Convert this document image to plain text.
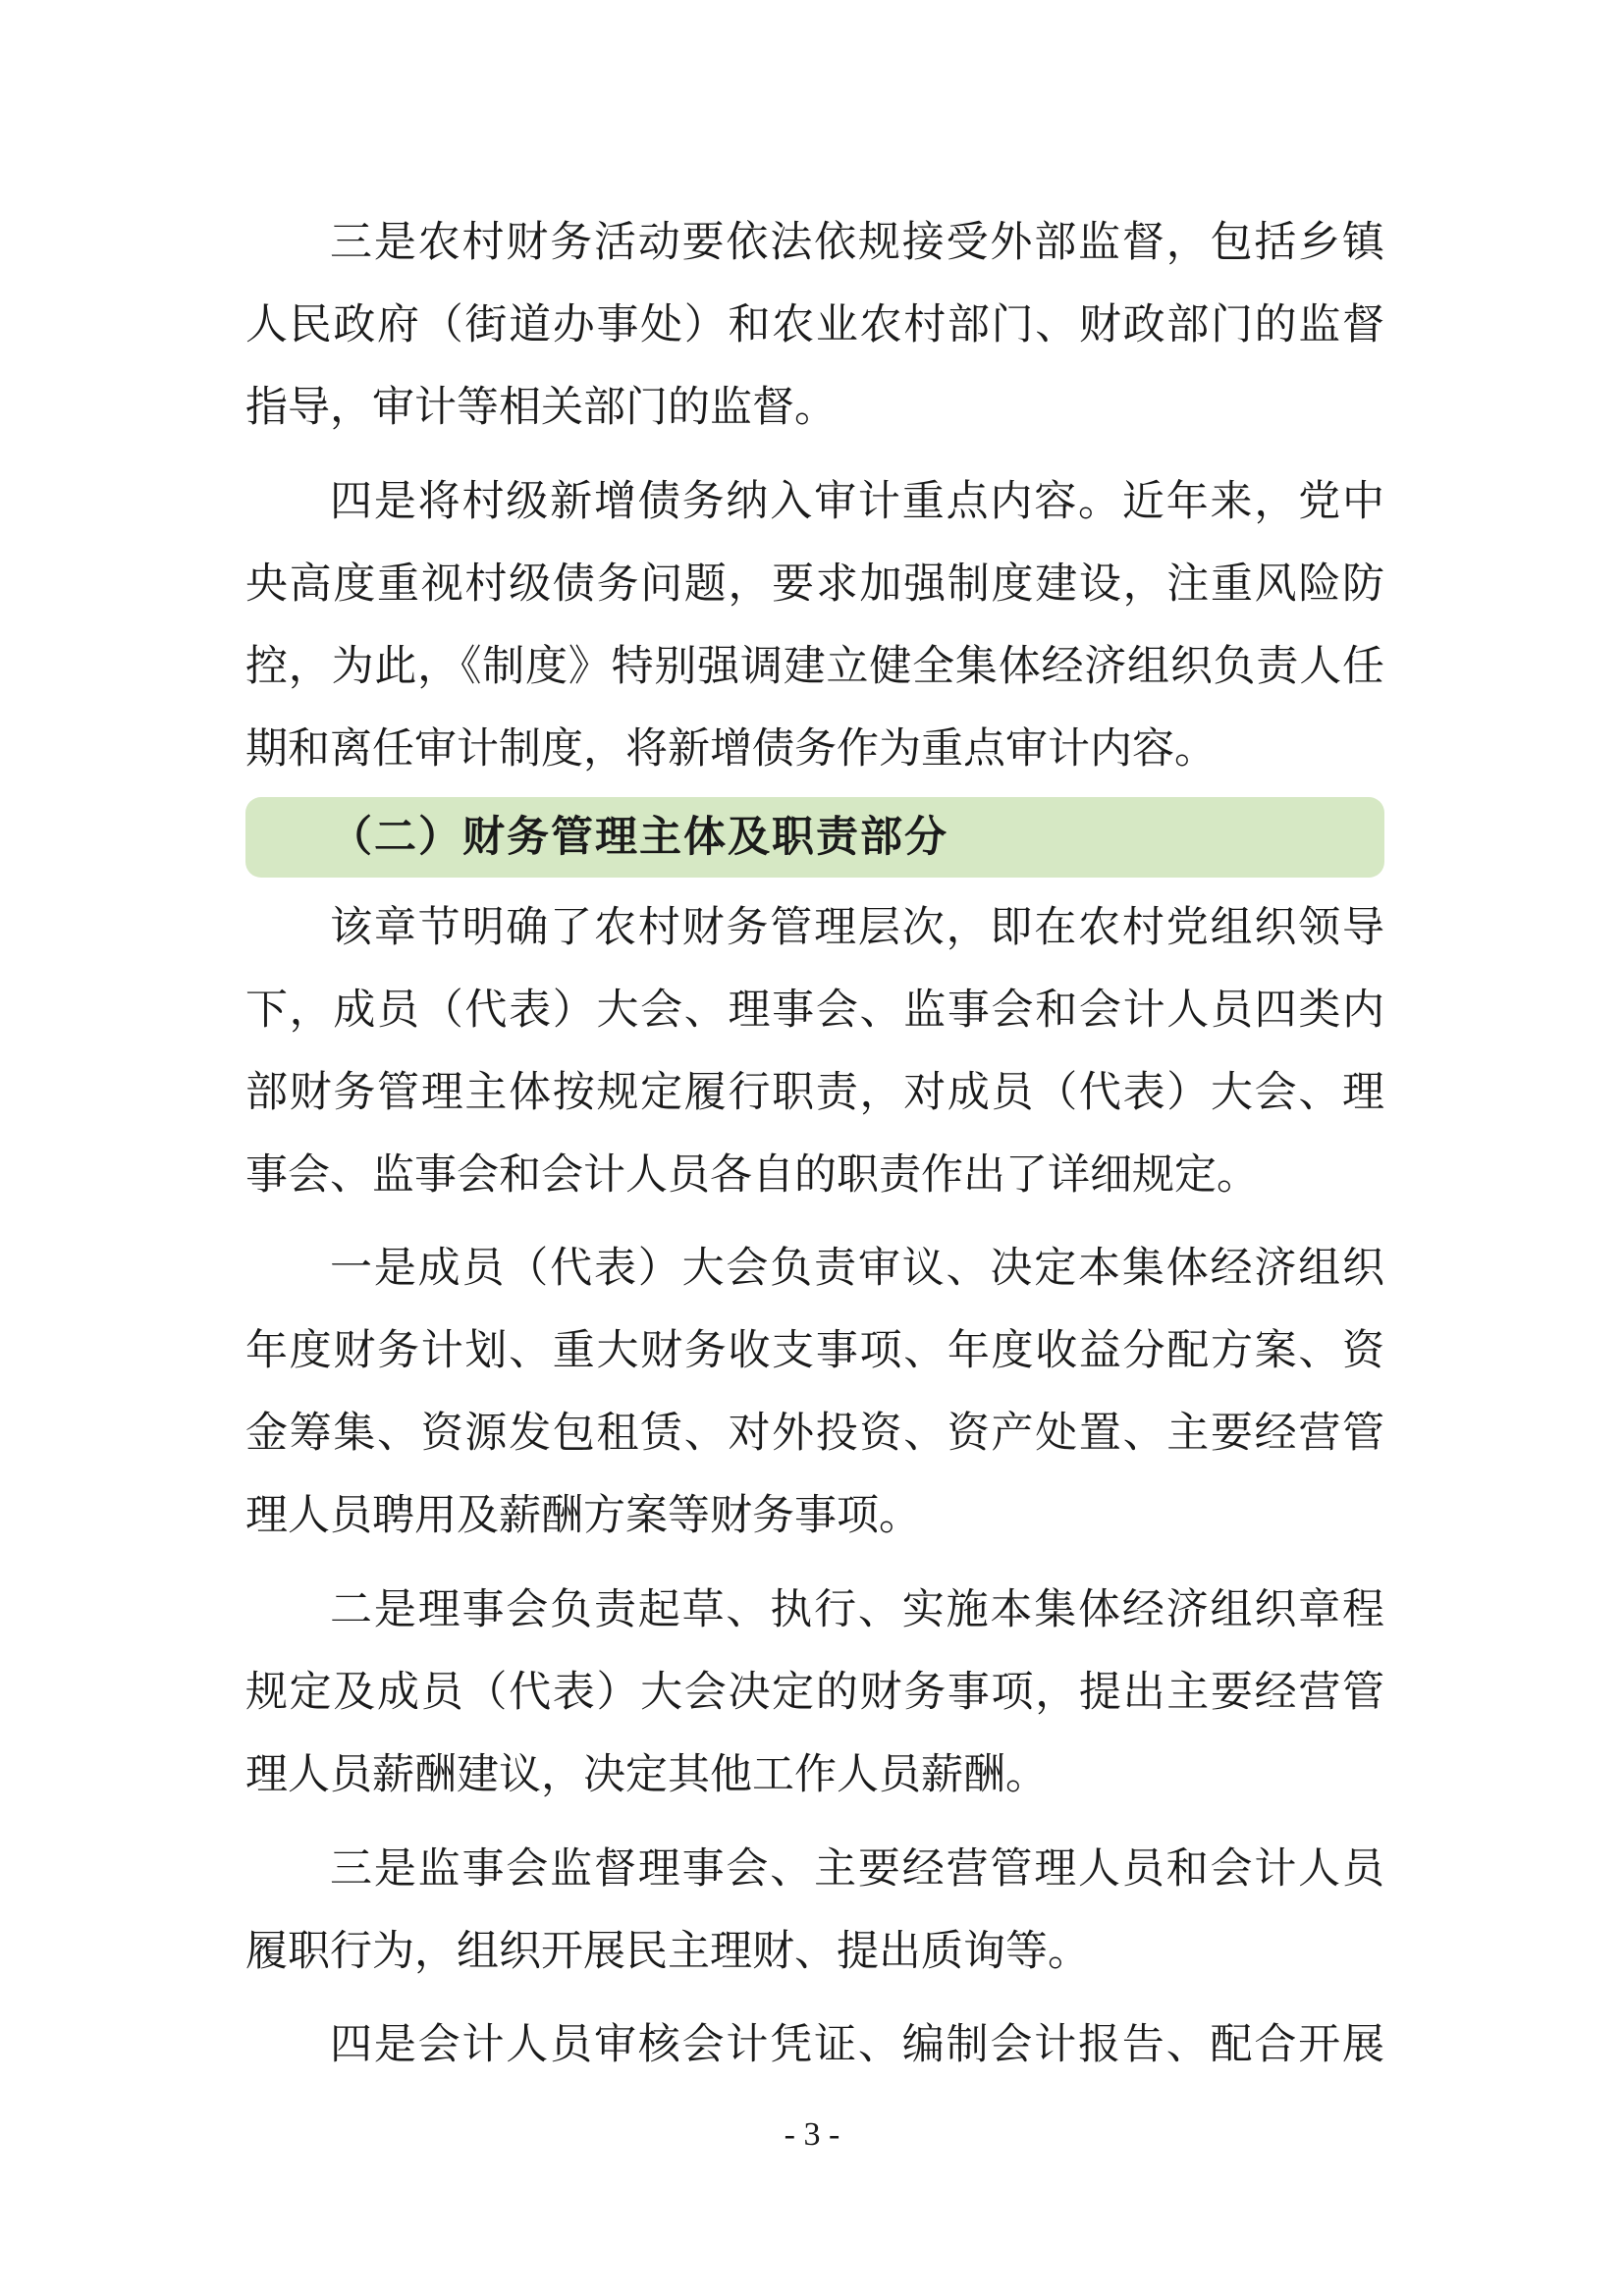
三是农村财务活动要依法依规接受外部监督，包括乡镇
人民政府（街道办事处）和农业农村部门、财政部门的监督
指导，审计等相关部门的监督。
四是将村级新增债务纳入审计重点内容。近年来，党中
央高度重视村级债务问题，要求加强制度建设，注重风险防
控，为此，《制度》特别强调建立健全集体经济组织负责人任
期和离任审计制度，将新增债务作为重点审计内容。
（二）财务管理主体及职责部分
该章节明确了农村财务管理层次，即在农村党组织领导
下，成员（代表）大会、理事会、监事会和会计人员四类内
部财务管理主体按规定履行职责，对成员（代表）大会、理
事会、监事会和会计人员各自的职责作出了详细规定。
一是成员（代表）大会负责审议、决定本集体经济组织
年度财务计划、重大财务收支事项、年度收益分配方案、资
金筹集、资源发包租赁、对外投资、资产处置、主要经营管
理人员聘用及薪酬方案等财务事项。
二是理事会负责起草、执行、实施本集体经济组织章程
规定及成员（代表）大会决定的财务事项，提出主要经营管
理人员薪酬建议，决定其他工作人员薪酬。
三是监事会监督理事会、主要经营管理人员和会计人员
履职行为，组织开展民主理财、提出质询等。
四是会计人员审核会计凭证、编制会计报告、配合开展
- 3 -
